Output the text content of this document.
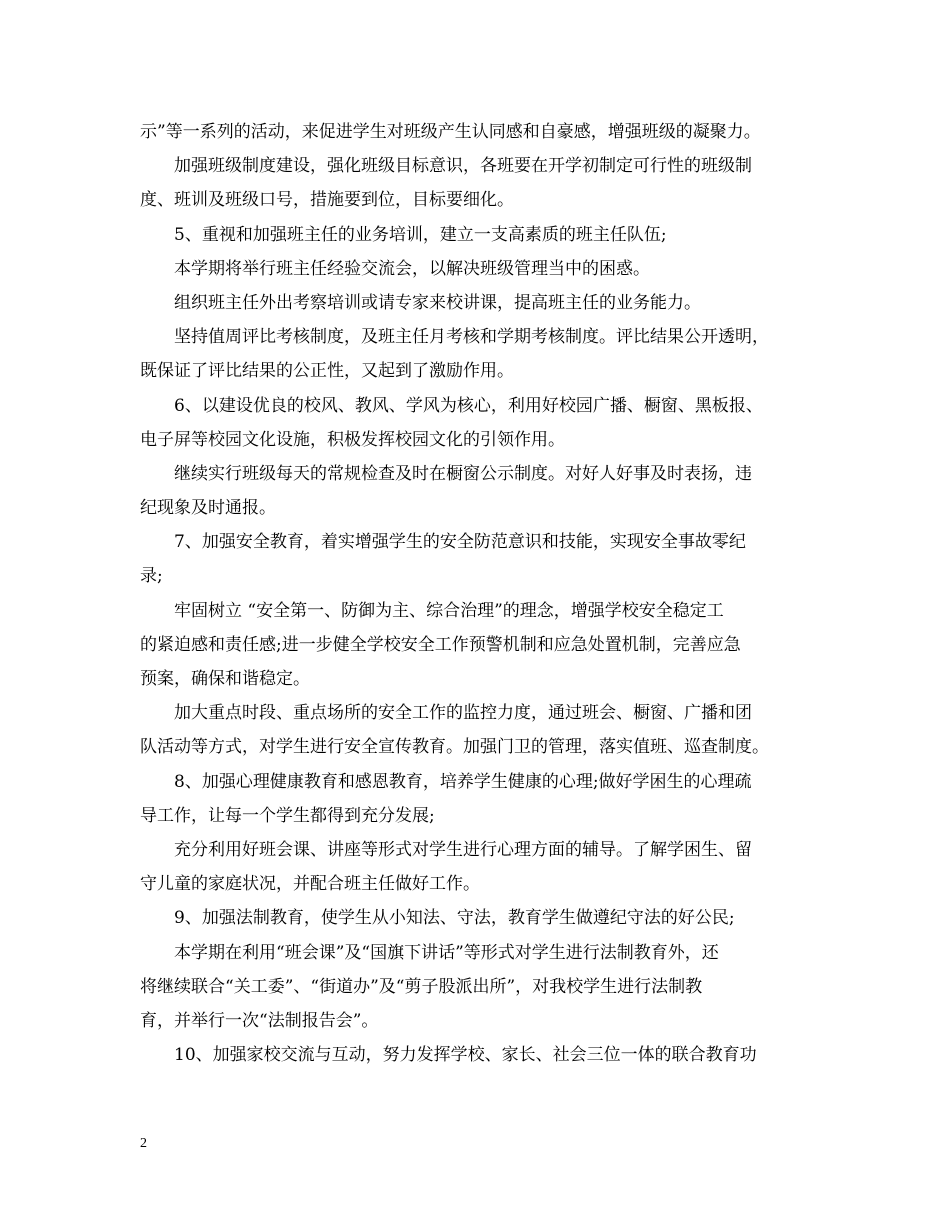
示”等一系列的活动，来促进学生对班级产生认同感和自豪感，增强班级的凝聚力。
加强班级制度建设，强化班级目标意识，各班要在开学初制定可行性的班级制
度、班训及班级口号，措施要到位，目标要细化。
5、重视和加强班主任的业务培训，建立一支高素质的班主任队伍;
本学期将举行班主任经验交流会，以解决班级管理当中的困惑。
组织班主任外出考察培训或请专家来校讲课，提高班主任的业务能力。
坚持值周评比考核制度，及班主任月考核和学期考核制度。评比结果公开透明，
既保证了评比结果的公正性，又起到了激励作用。
6、以建设优良的校风、教风、学风为核心，利用好校园广播、橱窗、黑板报、
电子屏等校园文化设施，积极发挥校园文化的引领作用。
继续实行班级每天的常规检查及时在橱窗公示制度。对好人好事及时表扬，违
纪现象及时通报。
7、加强安全教育，着实增强学生的安全防范意识和技能，实现安全事故零纪
录;
牢固树立 “安全第一、防御为主、综合治理”的理念，增强学校安全稳定工
的紧迫感和责任感;进一步健全学校安全工作预警机制和应急处置机制，完善应急
预案，确保和谐稳定。
加大重点时段、重点场所的安全工作的监控力度，通过班会、橱窗、广播和团
队活动等方式，对学生进行安全宣传教育。加强门卫的管理，落实值班、巡查制度。
8、加强心理健康教育和感恩教育，培养学生健康的心理;做好学困生的心理疏
导工作，让每一个学生都得到充分发展;
充分利用好班会课、讲座等形式对学生进行心理方面的辅导。了解学困生、留
守儿童的家庭状况，并配合班主任做好工作。
9、加强法制教育，使学生从小知法、守法，教育学生做遵纪守法的好公民;
本学期在利用“班会课”及“国旗下讲话”等形式对学生进行法制教育外，还
将继续联合“关工委”、“街道办”及“剪子股派出所”，对我校学生进行法制教
育，并举行一次“法制报告会”。
10、加强家校交流与互动，努力发挥学校、家长、社会三位一体的联合教育功
2
